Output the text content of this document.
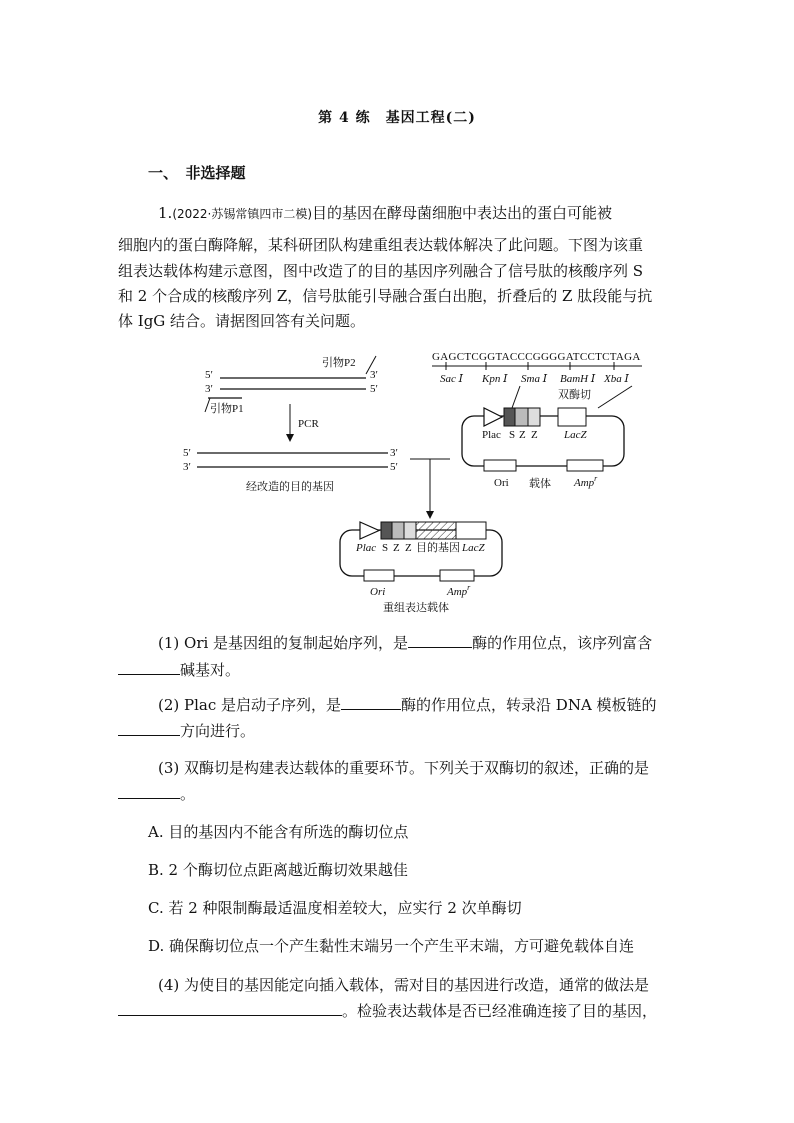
第 4 练　基因工程(二)
一、　非选择题
1.(2022·苏锡常镇四市二模)目的基因在酵母菌细胞中表达出的蛋白可能被
细胞内的蛋白酶降解，某科研团队构建重组表达载体解决了此问题。下图为该重
组表达载体构建示意图，图中改造了的目的基因序列融合了信号肽的核酸序列 S
和 2 个合成的核酸序列 Z，信号肽能引导融合蛋白出胞，折叠后的 Z 肽段能与抗
体 IgG 结合。请据图回答有关问题。
引物P2
5′	3′
3′	5′
引物P1
PCR
5′	3′
3′	5′
经改造的目的基因
GAGCTCGGTACCCGGGGATCCTCTAGA
Sac Ⅰ Kpn Ⅰ Sma Ⅰ BamH Ⅰ Xba Ⅰ
双酶切
Plac S Z Z LacZ
Ori 载体 Amp$^r$
Plac S Z Z 目的基因 LacZ
Ori	Amp$^r$
重组表达载体
(1) Ori 是基因组的复制起始序列，是	酶的作用位点，该序列富含
碱基对。
(2) Plac 是启动子序列，是	酶的作用位点，转录沿 DNA 模板链的
方向进行。
(3) 双酶切是构建表达载体的重要环节。下列关于双酶切的叙述，正确的是
。
A. 目的基因内不能含有所选的酶切位点
B. 2 个酶切位点距离越近酶切效果越佳
C. 若 2 种限制酶最适温度相差较大，应实行 2 次单酶切
D. 确保酶切位点一个产生黏性末端另一个产生平末端，方可避免载体自连
(4) 为使目的基因能定向插入载体，需对目的基因进行改造，通常的做法是
。检验表达载体是否已经准确连接了目的基因，
